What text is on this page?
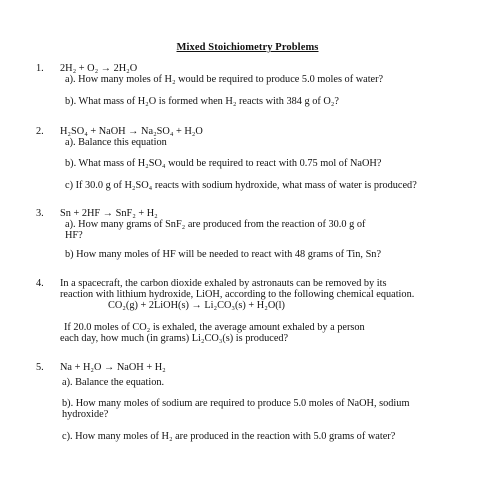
Mixed Stoichiometry Problems
1. 2H₂ + O₂ → 2H₂O
a). How many moles of H₂ would be required to produce 5.0 moles of water?
b). What mass of H₂O is formed when H₂ reacts with 384 g of O₂?
2. H₂SO₄ + NaOH → Na₂SO₄ + H₂O
a). Balance this equation
b). What mass of H₂SO₄ would be required to react with 0.75 mol of NaOH?
c) If 30.0 g of H₂SO₄ reacts with sodium hydroxide, what mass of water is produced?
3. Sn + 2HF → SnF₂ + H₂
a). How many grams of SnF₂ are produced from the reaction of 30.0 g of
HF?
b) How many moles of HF will be needed to react with 48 grams of Tin, Sn?
4. In a spacecraft, the carbon dioxide exhaled by astronauts can be removed by its
reaction with lithium hydroxide, LiOH, according to the following chemical equation.
CO₂(g) + 2LiOH(s) → Li₂CO₃(s) + H₂O(l)
If 20.0 moles of CO₂ is exhaled, the average amount exhaled by a person
each day, how much (in grams) Li₂CO₃(s) is produced?
5. Na + H₂O → NaOH + H₂
a). Balance the equation.
b). How many moles of sodium are required to produce 5.0 moles of NaOH, sodium
hydroxide?
c). How many moles of H₂ are produced in the reaction with 5.0 grams of water?
